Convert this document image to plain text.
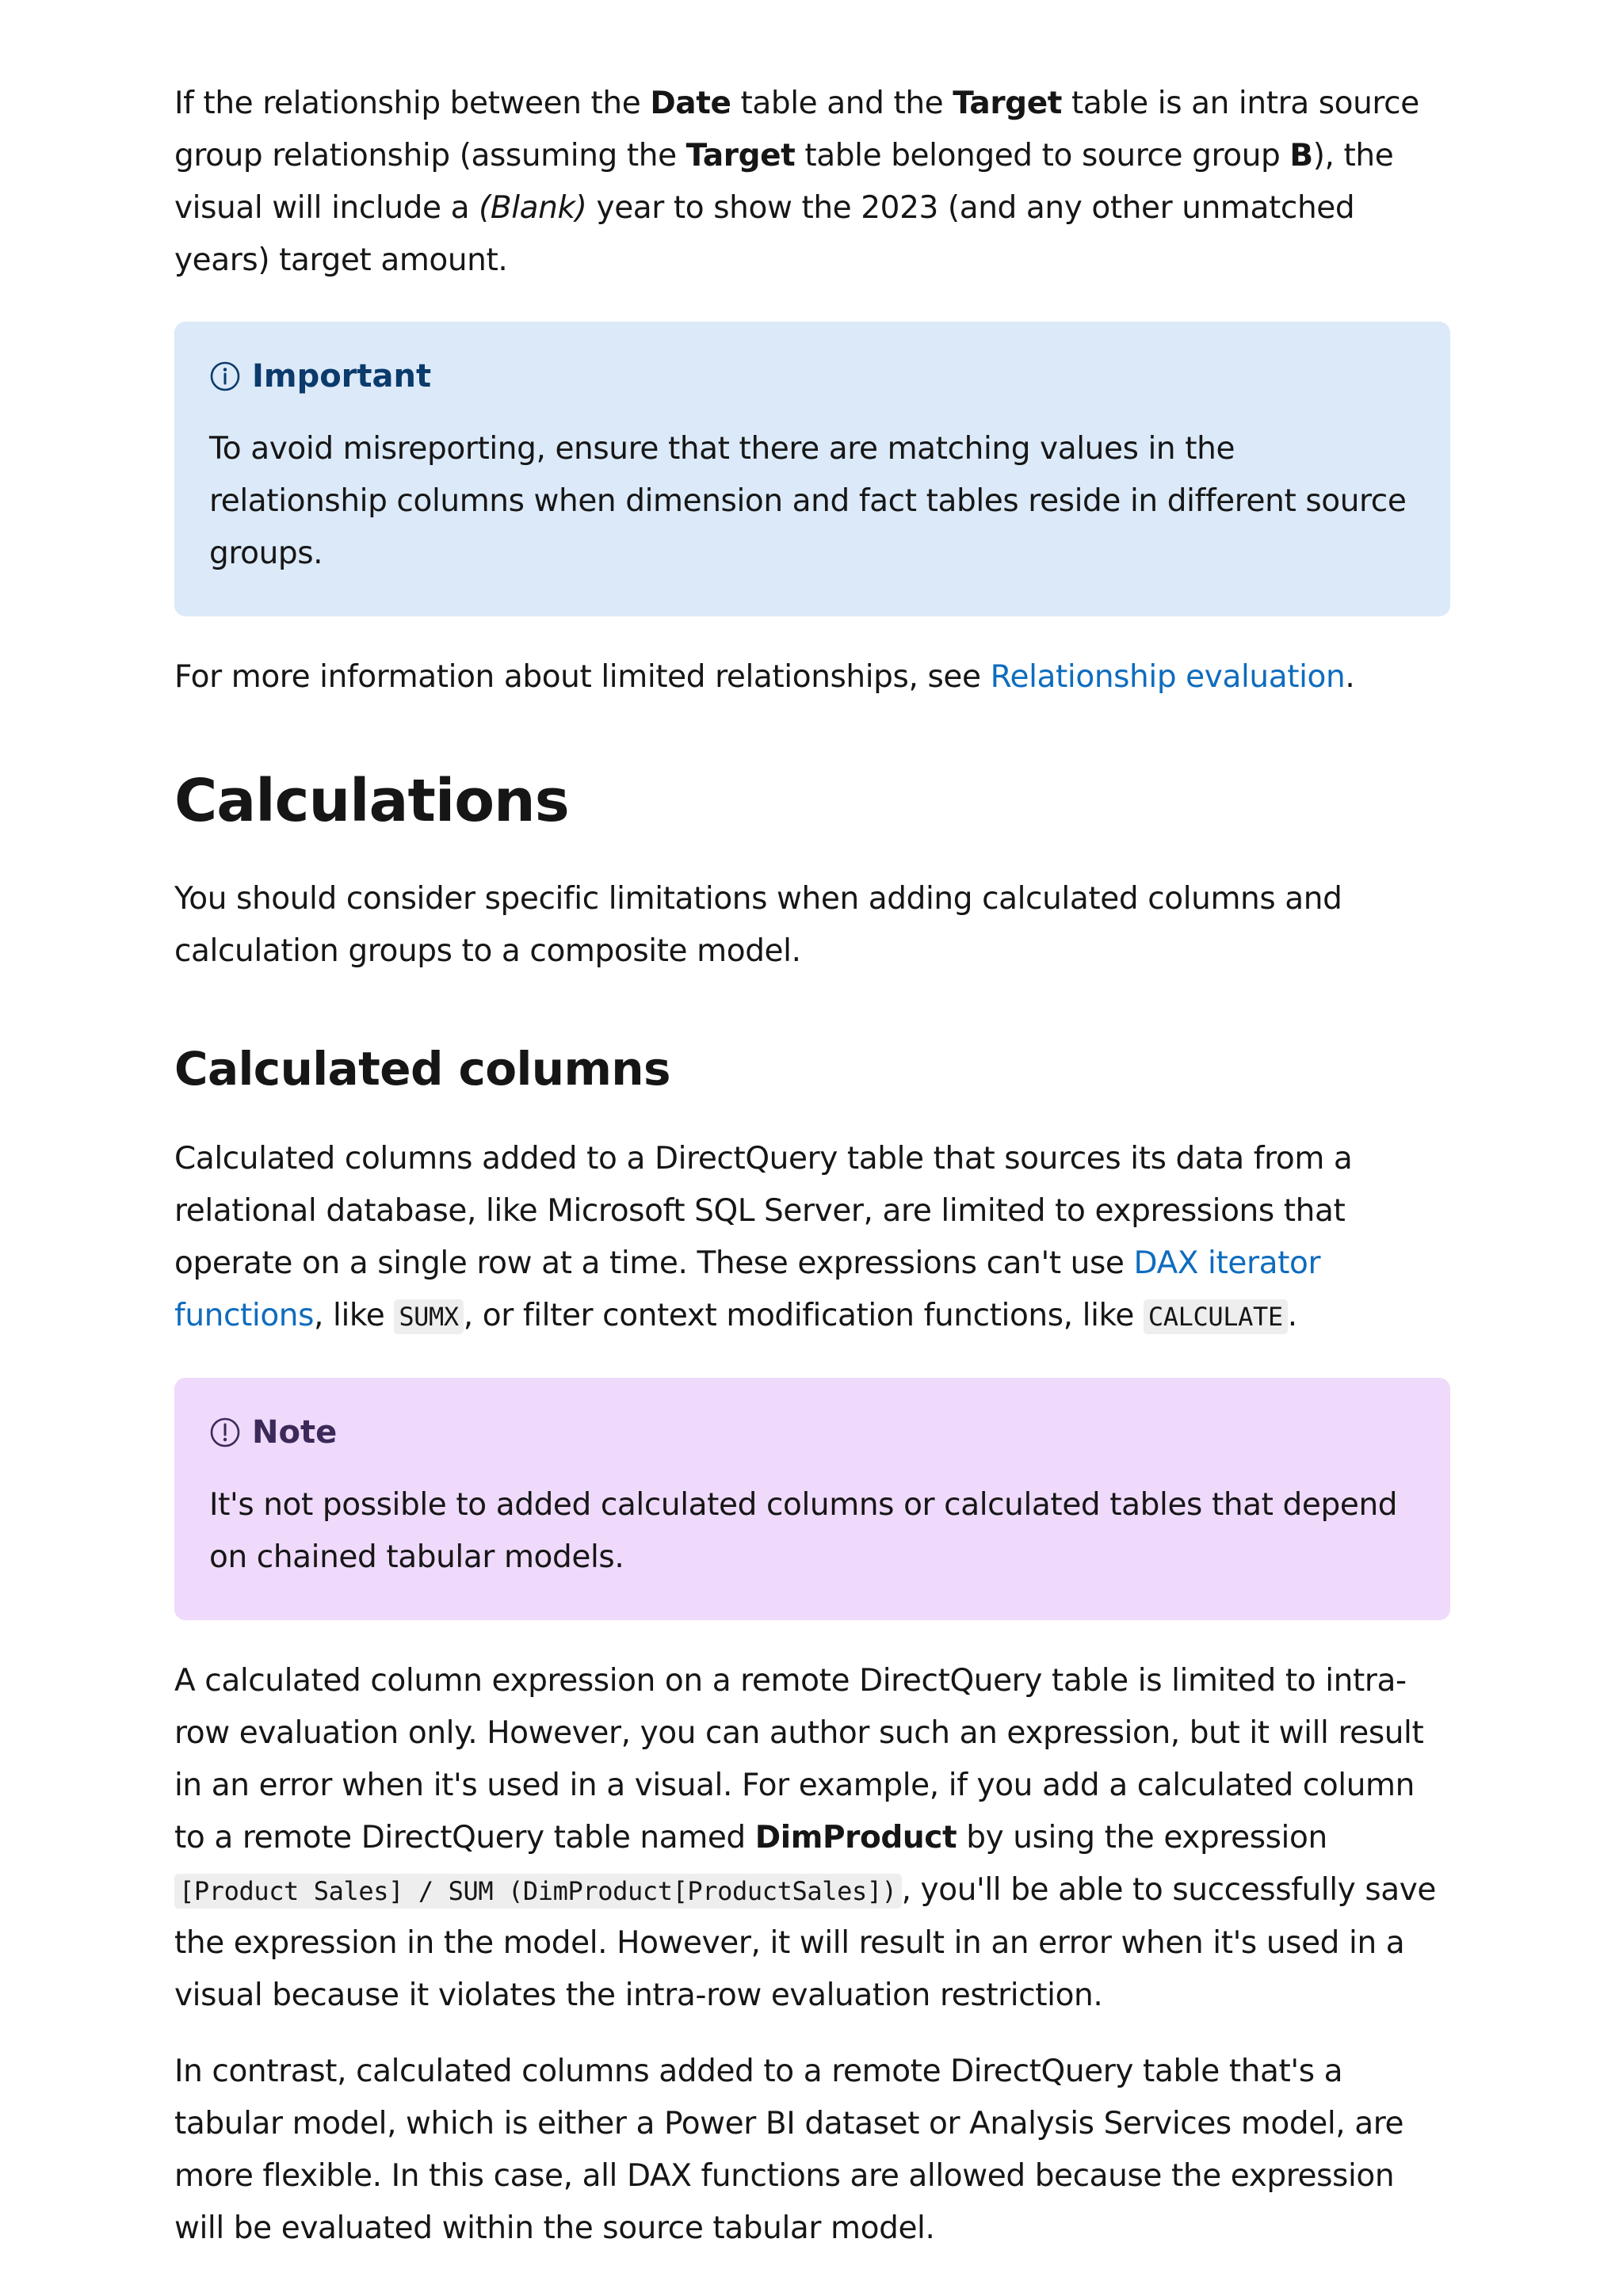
If the relationship between the Date table and the Target table is an intra source group relationship (assuming the Target table belonged to source group B), the visual will include a (Blank) year to show the 2023 (and any other unmatched years) target amount.

Important

To avoid misreporting, ensure that there are matching values in the relationship columns when dimension and fact tables reside in different source groups.

For more information about limited relationships, see Relationship evaluation.

Calculations

You should consider specific limitations when adding calculated columns and calculation groups to a composite model.

Calculated columns

Calculated columns added to a DirectQuery table that sources its data from a relational database, like Microsoft SQL Server, are limited to expressions that operate on a single row at a time. These expressions can't use DAX iterator functions, like SUMX , or filter context modification functions, like CALCULATE .

Note

It's not possible to added calculated columns or calculated tables that depend on chained tabular models.

A calculated column expression on a remote DirectQuery table is limited to intra-row evaluation only. However, you can author such an expression, but it will result in an error when it's used in a visual. For example, if you add a calculated column to a remote DirectQuery table named DimProduct by using the expression [Product Sales] / SUM (DimProduct[ProductSales]) , you'll be able to successfully save the expression in the model. However, it will result in an error when it's used in a visual because it violates the intra-row evaluation restriction.

In contrast, calculated columns added to a remote DirectQuery table that's a tabular model, which is either a Power BI dataset or Analysis Services model, are more flexible. In this case, all DAX functions are allowed because the expression will be evaluated within the source tabular model.
